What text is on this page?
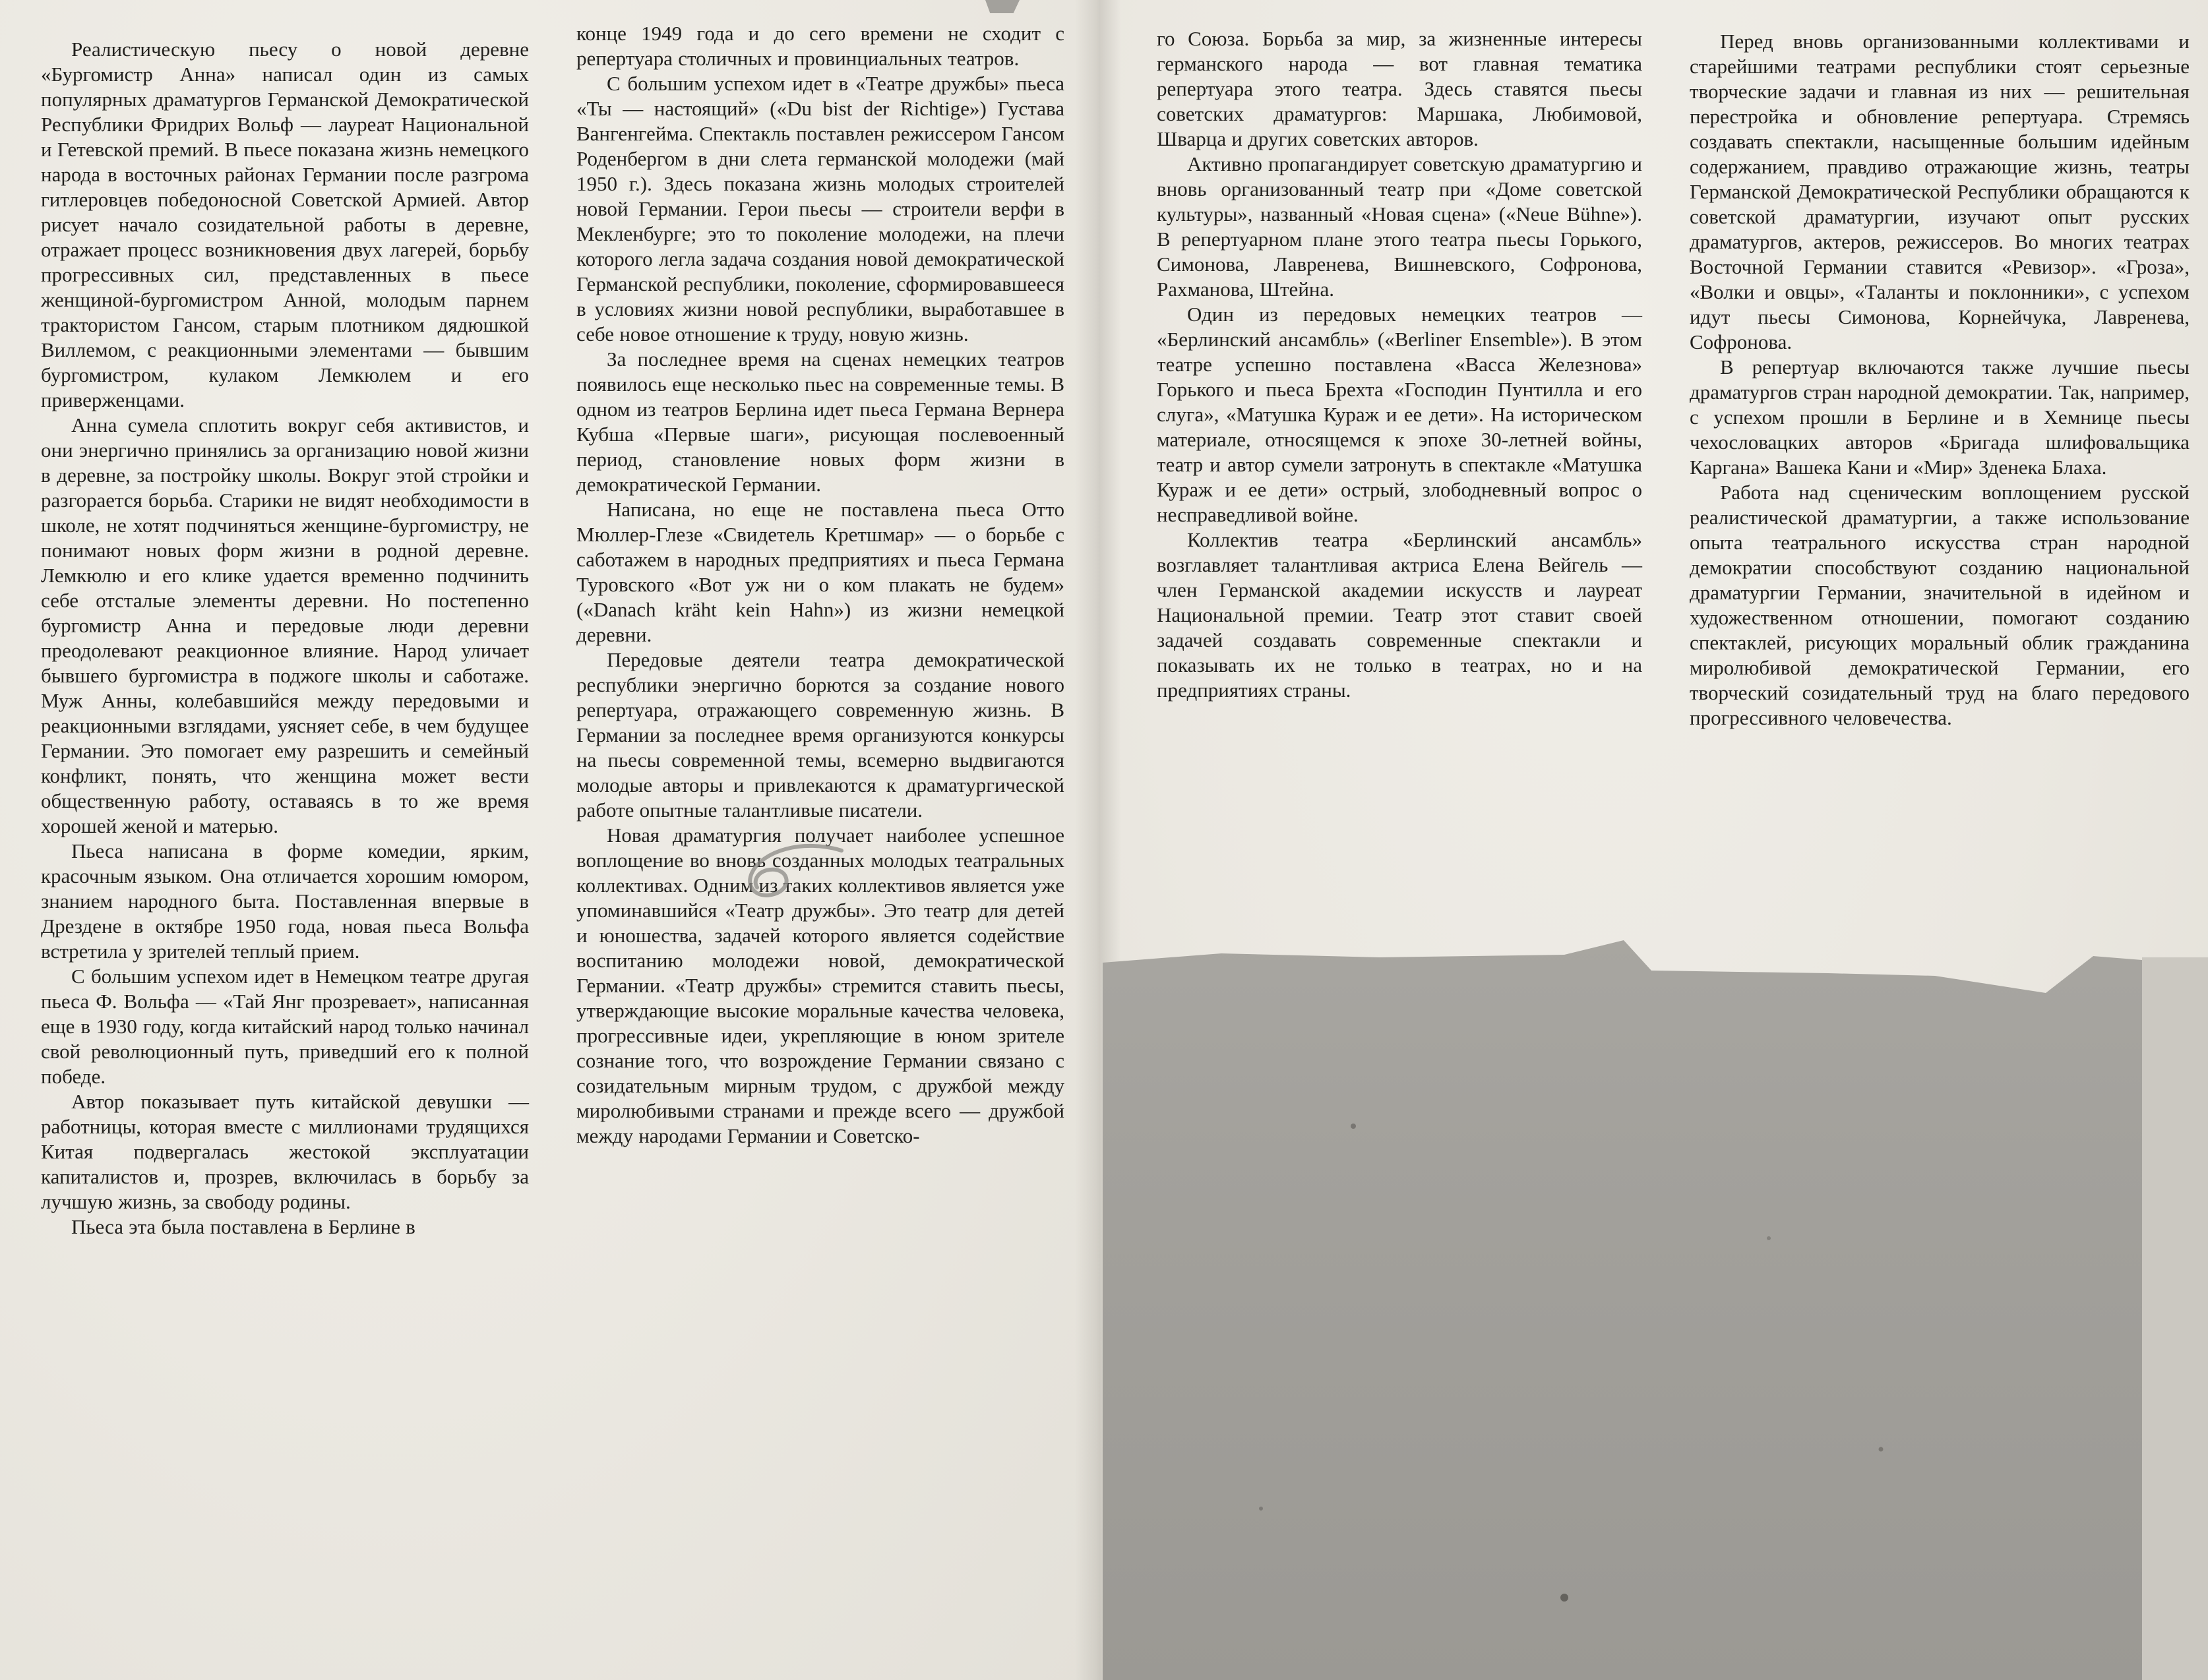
Реалистическую пьесу о новой деревне «Бургомистр Анна» написал один из самых популярных драматургов Германской Демократической Республики Фридрих Вольф — лауреат Национальной и Гетевской премий. В пьесе показана жизнь немецкого народа в восточных районах Германии после разгрома гитлеровцев победоносной Советской Армией. Автор рисует начало созидательной работы в деревне, отражает процесс возникновения двух лагерей, борьбу прогрессивных сил, представленных в пьесе женщиной-бургомистром Анной, молодым парнем трактористом Гансом, старым плотником дядюшкой Виллемом, с реакционными элементами — бывшим бургомистром, кулаком Лемкюлем и его приверженцами.

Анна сумела сплотить вокруг себя активистов, и они энергично принялись за организацию новой жизни в деревне, за постройку школы. Вокруг этой стройки и разгорается борьба. Старики не видят необходимости в школе, не хотят подчиняться женщине-бургомистру, не понимают новых форм жизни в родной деревне. Лемкюлю и его клике удается временно подчинить себе отсталые элементы деревни. Но постепенно бургомистр Анна и передовые люди деревни преодолевают реакционное влияние. Народ уличает бывшего бургомистра в поджоге школы и саботаже. Муж Анны, колебавшийся между передовыми и реакционными взглядами, уясняет себе, в чем будущее Германии. Это помогает ему разрешить и семейный конфликт, понять, что женщина может вести общественную работу, оставаясь в то же время хорошей женой и матерью.

Пьеса написана в форме комедии, ярким, красочным языком. Она отличается хорошим юмором, знанием народного быта. Поставленная впервые в Дрездене в октябре 1950 года, новая пьеса Вольфа встретила у зрителей теплый прием.

С большим успехом идет в Немецком театре другая пьеса Ф. Вольфа — «Тай Янг прозревает», написанная еще в 1930 году, когда китайский народ только начинал свой революционный путь, приведший его к полной победе.

Автор показывает путь китайской девушки — работницы, которая вместе с миллионами трудящихся Китая подвергалась жестокой эксплуатации капиталистов и, прозрев, включилась в борьбу за лучшую жизнь, за свободу родины.

Пьеса эта была поставлена в Берлине в

конце 1949 года и до сего времени не сходит с репертуара столичных и провинциальных театров.

С большим успехом идет в «Театре дружбы» пьеса «Ты — настоящий» («Du bist der Richtige») Густава Вангенгейма. Спектакль поставлен режиссером Гансом Роденбергом в дни слета германской молодежи (май 1950 г.). Здесь показана жизнь молодых строителей новой Германии. Герои пьесы — строители верфи в Мекленбурге; это то поколение молодежи, на плечи которого легла задача создания новой демократической Германской республики, поколение, сформировавшееся в условиях жизни новой республики, выработавшее в себе новое отношение к труду, новую жизнь.

За последнее время на сценах немецких театров появилось еще несколько пьес на современные темы. В одном из театров Берлина идет пьеса Германа Вернера Кубша «Первые шаги», рисующая послевоенный период, становление новых форм жизни в демократической Германии.

Написана, но еще не поставлена пьеса Отто Мюллер-Глезе «Свидетель Кретшмар» — о борьбе с саботажем в народных предприятиях и пьеса Германа Туровского «Вот уж ни о ком плакать не будем» («Danach kräht kein Hahn») из жизни немецкой деревни.

Передовые деятели театра демократической республики энергично борются за создание нового репертуара, отражающего современную жизнь. В Германии за последнее время организуются конкурсы на пьесы современной темы, всемерно выдвигаются молодые авторы и привлекаются к драматургической работе опытные талантливые писатели.

Новая драматургия получает наиболее успешное воплощение во вновь созданных молодых театральных коллективах. Одним из таких коллективов является уже упоминавшийся «Театр дружбы». Это театр для детей и юношества, задачей которого является содействие воспитанию молодежи новой, демократической Германии. «Театр дружбы» стремится ставить пьесы, утверждающие высокие моральные качества человека, прогрессивные идеи, укрепляющие в юном зрителе сознание того, что возрождение Германии связано с созидательным мирным трудом, с дружбой между миролюбивыми странами и прежде всего — дружбой между народами Германии и Советско-

го Союза. Борьба за мир, за жизненные интересы германского народа — вот главная тематика репертуара этого театра. Здесь ставятся пьесы советских драматургов: Маршака, Любимовой, Шварца и других советских авторов.

Активно пропагандирует советскую драматургию и вновь организованный театр при «Доме советской культуры», названный «Новая сцена» («Neue Bühne»). В репертуарном плане этого театра пьесы Горького, Симонова, Лавренева, Вишневского, Софронова, Рахманова, Штейна.

Один из передовых немецких театров — «Берлинский ансамбль» («Berliner Ensemble»). В этом театре успешно поставлена «Васса Железнова» Горького и пьеса Брехта «Господин Пунтилла и его слуга», «Матушка Кураж и ее дети». На историческом материале, относящемся к эпохе 30-летней войны, театр и автор сумели затронуть в спектакле «Матушка Кураж и ее дети» острый, злободневный вопрос о несправедливой войне.

Коллектив театра «Берлинский ансамбль» возглавляет талантливая актриса Елена Вейгель — член Германской академии искусств и лауреат Национальной премии. Театр этот ставит своей задачей создавать современные спектакли и показывать их не только в театрах, но и на предприятиях страны.

Перед вновь организованными коллективами и старейшими театрами республики стоят серьезные творческие задачи и главная из них — решительная перестройка и обновление репертуара. Стремясь создавать спектакли, насыщенные большим идейным содержанием, правдиво отражающие жизнь, театры Германской Демократической Республики обращаются к советской драматургии, изучают опыт русских драматургов, актеров, режиссеров. Во многих театрах Восточной Германии ставится «Ревизор». «Гроза», «Волки и овцы», «Таланты и поклонники», с успехом идут пьесы Симонова, Корнейчука, Лавренева, Софронова.

В репертуар включаются также лучшие пьесы драматургов стран народной демократии. Так, например, с успехом прошли в Берлине и в Хемнице пьесы чехословацких авторов «Бригада шлифовальщика Каргана» Вашека Кани и «Мир» Зденека Блаха.

Работа над сценическим воплощением русской реалистической драматургии, а также использование опыта театрального искусства стран народной демократии способствуют созданию национальной драматургии Германии, значительной в идейном и художественном отношении, помогают созданию спектаклей, рисующих моральный облик гражданина миролюбивой демократической Германии, его творческий созидательный труд на благо передового прогрессивного человечества.
